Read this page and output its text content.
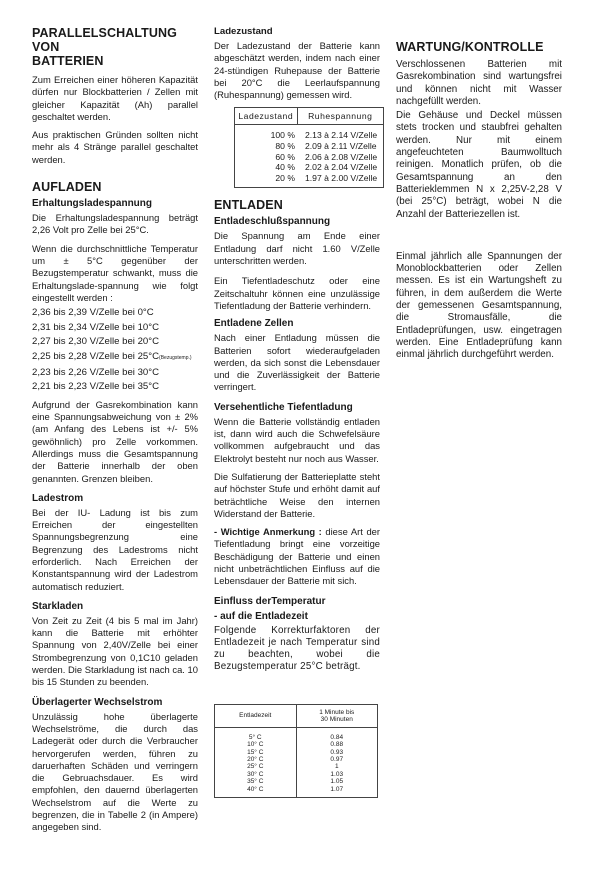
PARALLELSCHALTUNG VON
BATTERIEN
Zum Erreichen einer höheren Kapazität dürfen nur Blockbatterien / Zellen mit gleicher Kapazität (Ah) parallel geschaltet werden.
Aus praktischen Gründen sollten nicht mehr als 4 Stränge parallel geschaltet werden.
AUFLADEN
Erhaltungsladespannung
Die Erhaltungsladespannung beträgt 2,26 Volt pro Zelle bei 25°C.
Wenn die durchschnittliche Temperatur um ± 5°C gegenüber der Bezugstemperatur schwankt, muss die Erhaltungslade-spannung wie folgt eingestellt werden :
2,36 bis 2,39 V/Zelle bei 0°C
2,31 bis 2,34 V/Zelle bei 10°C
2,27 bis 2,30 V/Zelle bei 20°C
2,25 bis 2,28 V/Zelle bei 25°C(Bezugstemp.)
2,23 bis 2,26 V/Zelle bei 30°C
2,21 bis 2,23 V/Zelle bei 35°C
Aufgrund der Gasrekombination kann eine Spannungsabweichung von ± 2% (am Anfang des Lebens ist +/- 5% gewöhnlich) pro Zelle vorkommen. Allerdings muss die Gesamtspannung der Batterie innerhalb der oben genannten. Grenzen bleiben.
Ladestrom
Bei der IU- Ladung ist bis zum Erreichen der eingestellten Spannungsbegrenzung eine Begrenzung des Ladestroms nicht erforderlich. Nach Erreichen der Konstantspannung wird der Ladestrom automatisch reduziert.
Starkladen
Von Zeit zu Zeit (4 bis 5 mal im Jahr) kann die Batterie mit erhöhter Spannung von 2,40V/Zelle bei einer Strombegrenzung von 0,1C10 geladen werden. Die Starkladung ist nach ca. 10 bis 15 Stunden zu beenden.
Überlagerter Wechselstrom
Unzulässig hohe überlagerte Wechselströme, die durch das Ladegerät oder durch die Verbraucher hervorgerufen werden, führen zu daruerhaften Schäden und verringern die Gebruachsdauer. Es wird empfohlen, den dauernd überlagerten Wechselstrom auf die Werte zu begrenzen, die in Tabelle 2 (in Ampere) angegeben sind.
Ladezustand
Der Ladezustand der Batterie kann abgeschätzt werden, indem nach einer 24-stündigen Ruhepause der Batterie bei 20°C die Leerlaufspannung (Ruhespannung) gemessen wird.
Ladezustand	Ruhespannung

100 %	2.13 à 2.14 V/Zelle
80 %	2.09 à 2.11 V/Zelle
60 %	2.06 à 2.08 V/Zelle
40 %	2.02 à 2.04 V/Zelle
20 %	1.97 à 2.00 V/Zelle

ENTLADEN
Entladeschlußspannung
Die Spannung am Ende einer Entladung darf nicht 1.60 V/Zelle unterschritten werden.
Ein Tiefentladeschutz oder eine Zeitschaltuhr können eine unzulässige Tiefentladung der Batterie verhindern.
Entladene Zellen
Nach einer Entladung müssen die Batterien sofort wiederaufgeladen werden, da sich sonst die Lebensdauer und die Zuverlässigkeit der Batterie verringert.
Versehentliche Tiefentladung
Wenn die Batterie vollständig entladen ist, dann wird auch die Schwefelsäure vollkommen aufgebraucht und das Elektrolyt besteht nur noch aus Wasser.
Die Sulfatierung der Batterieplatte steht auf höchster Stufe und erhöht damit auf beträchtliche Weise den internen Widerstand der Batterie.
- Wichtige Anmerkung : diese Art der Tiefentladung bringt eine vorzeitige Beschädigung der Batterie und einen nicht unbeträchtlichen Einfluss auf die Lebensdauer der Batterie mit sich.
Einfluss derTemperatur
- auf die Entladezeit
Folgende Korrekturfaktoren der Entladezeit je nach Temperatur sind zu beachten, wobei die Bezugstemperatur 25°C beträgt.
Entladezeit	1 Minute bis
30 Minuten

5° C	0.84
10° C	0.88
15° C	0.93
20° C	0.97
25° C	1
30° C	1.03
35° C	1.05
40° C	1.07
WARTUNG/KONTROLLE
Verschlossenen Batterien mit Gasrekombination sind wartungsfrei und können nicht mit Wasser nachgefüllt werden.
Die Gehäuse und Deckel müssen stets trocken und staubfrei gehalten werden. Nur mit einem angefeuchteten Baumwolltuch reinigen. Monatlich prüfen, ob die Gesamtspannung an den Batterieklemmen N x 2,25V-2,28 V (bei 25°C) beträgt, wobei N die Anzahl der Batteriezellen ist.
Einmal jährlich alle Spannungen der Monoblockbatterien oder Zellen messen. Es ist ein Wartungsheft zu führen, in dem außerdem die Werte der gemessenen Gesamtspannung, die Stromausfälle, die Entladeprüfungen, usw. eingetragen werden. Eine Entladeprüfung kann einmal jährlich durchgeführt werden.
